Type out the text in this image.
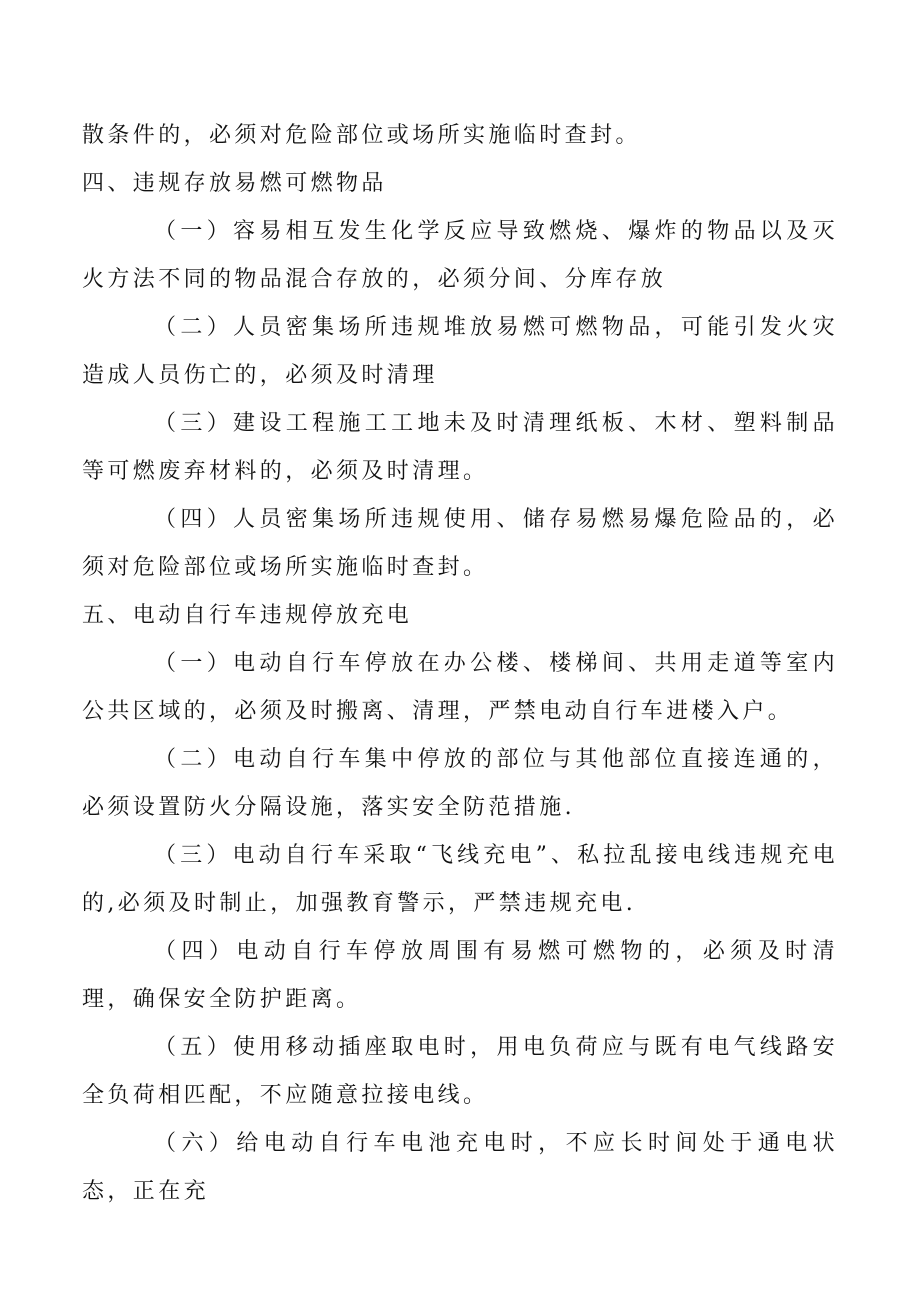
散条件的，必须对危险部位或场所实施临时查封。

四、违规存放易燃可燃物品

（一）容易相互发生化学反应导致燃烧、爆炸的物品以及灭火方法不同的物品混合存放的，必须分间、分库存放

（二）人员密集场所违规堆放易燃可燃物品，可能引发火灾造成人员伤亡的，必须及时清理

（三）建设工程施工工地未及时清理纸板、木材、塑料制品等可燃废弃材料的，必须及时清理。

（四）人员密集场所违规使用、储存易燃易爆危险品的，必须对危险部位或场所实施临时查封。

五、电动自行车违规停放充电

（一）电动自行车停放在办公楼、楼梯间、共用走道等室内公共区域的，必须及时搬离、清理，严禁电动自行车进楼入户。

（二）电动自行车集中停放的部位与其他部位直接连通的，必须设置防火分隔设施，落实安全防范措施.

（三）电动自行车采取“飞线充电”、私拉乱接电线违规充电的,必须及时制止，加强教育警示，严禁违规充电.

（四）电动自行车停放周围有易燃可燃物的，必须及时清理，确保安全防护距离。

（五）使用移动插座取电时，用电负荷应与既有电气线路安全负荷相匹配，不应随意拉接电线。

（六）给电动自行车电池充电时，不应长时间处于通电状态，正在充
